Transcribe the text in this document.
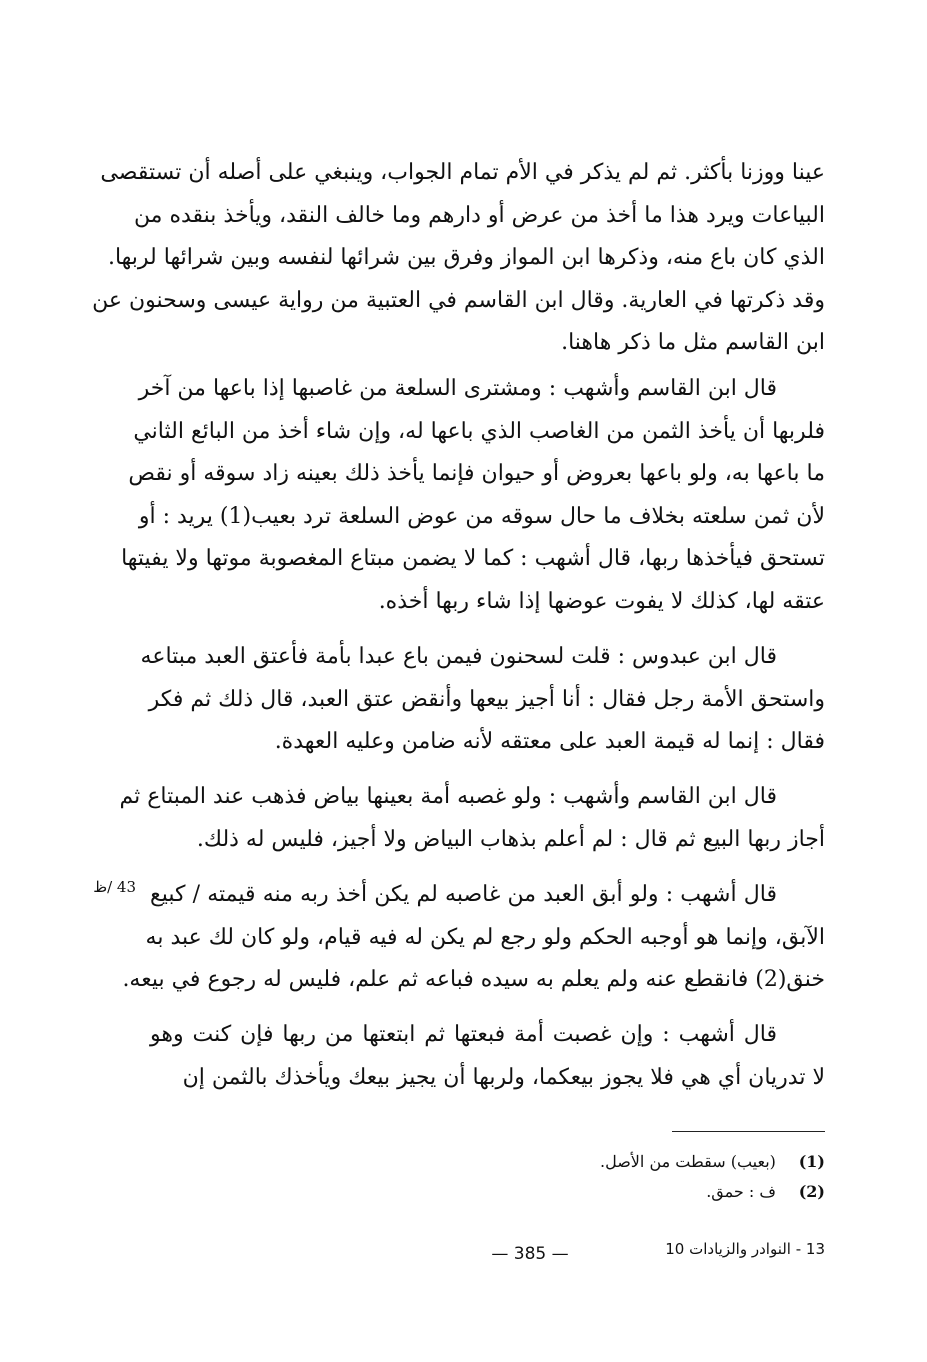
عينا ووزنا بأكثر. ثم لم يذكر في الأم تمام الجواب، وينبغي على أصله أن تستقصى
البياعات ويرد هذا ما أخذ من عرض أو دارهم وما خالف النقد، ويأخذ بنقده من
الذي كان باع منه، وذكرها ابن المواز وفرق بين شرائها لنفسه وبين شرائها لربها.
وقد ذكرتها في العارية. وقال ابن القاسم في العتبية من رواية عيسى وسحنون عن
ابن القاسم مثل ما ذكر هاهنا.
قال ابن القاسم وأشهب : ومشترى السلعة من غاصبها إذا باعها من آخر
فلربها أن يأخذ الثمن من الغاصب الذي باعها له، وإن شاء أخذ من البائع الثاني
ما باعها به، ولو باعها بعروض أو حيوان فإنما يأخذ ذلك بعينه زاد سوقه أو نقص
لأن ثمن سلعته بخلاف ما حال سوقه من عوض السلعة ترد بعيب(1) يريد : أو
تستحق فيأخذها ربها، قال أشهب : كما لا يضمن مبتاع المغصوبة موتها ولا يفيتها
عتقه لها، كذلك لا يفوت عوضها إذا شاء ربها أخذه.
قال ابن عبدوس : قلت لسحنون فيمن باع عبدا بأمة فأعتق العبد مبتاعه
واستحق الأمة رجل فقال : أنا أجيز بيعها وأنقض عتق العبد، قال ذلك ثم فكر
فقال : إنما له قيمة العبد على معتقه لأنه ضامن وعليه العهدة.
قال ابن القاسم وأشهب : ولو غصبه أمة بعينها بياض فذهب عند المبتاع ثم
أجاز ربها البيع ثم قال : لم أعلم بذهاب البياض ولا أجيز، فليس له ذلك.
قال أشهب : ولو أبق العبد من غاصبه لم يكن أخذ ربه منه قيمته / كبيع
الآبق، وإنما هو أوجبه الحكم ولو رجع لم يكن له فيه قيام، ولو كان لك عبد به
خنق(2) فانقطع عنه ولم يعلم به سيده فباعه ثم علم، فليس له رجوع في بيعه.
قال أشهب : وإن غصبت أمة فبعتها ثم ابتعتها من ربها فإن كنت وهو
لا تدريان أي هي فلا يجوز بيعكما، ولربها أن يجيز بيعك ويأخذك بالثمن إن
43 /ظ
(1) (بعيب) سقطت من الأصل.
(2) ف : حمق.
— 385 —	13 - النوادر والزيادات 10
